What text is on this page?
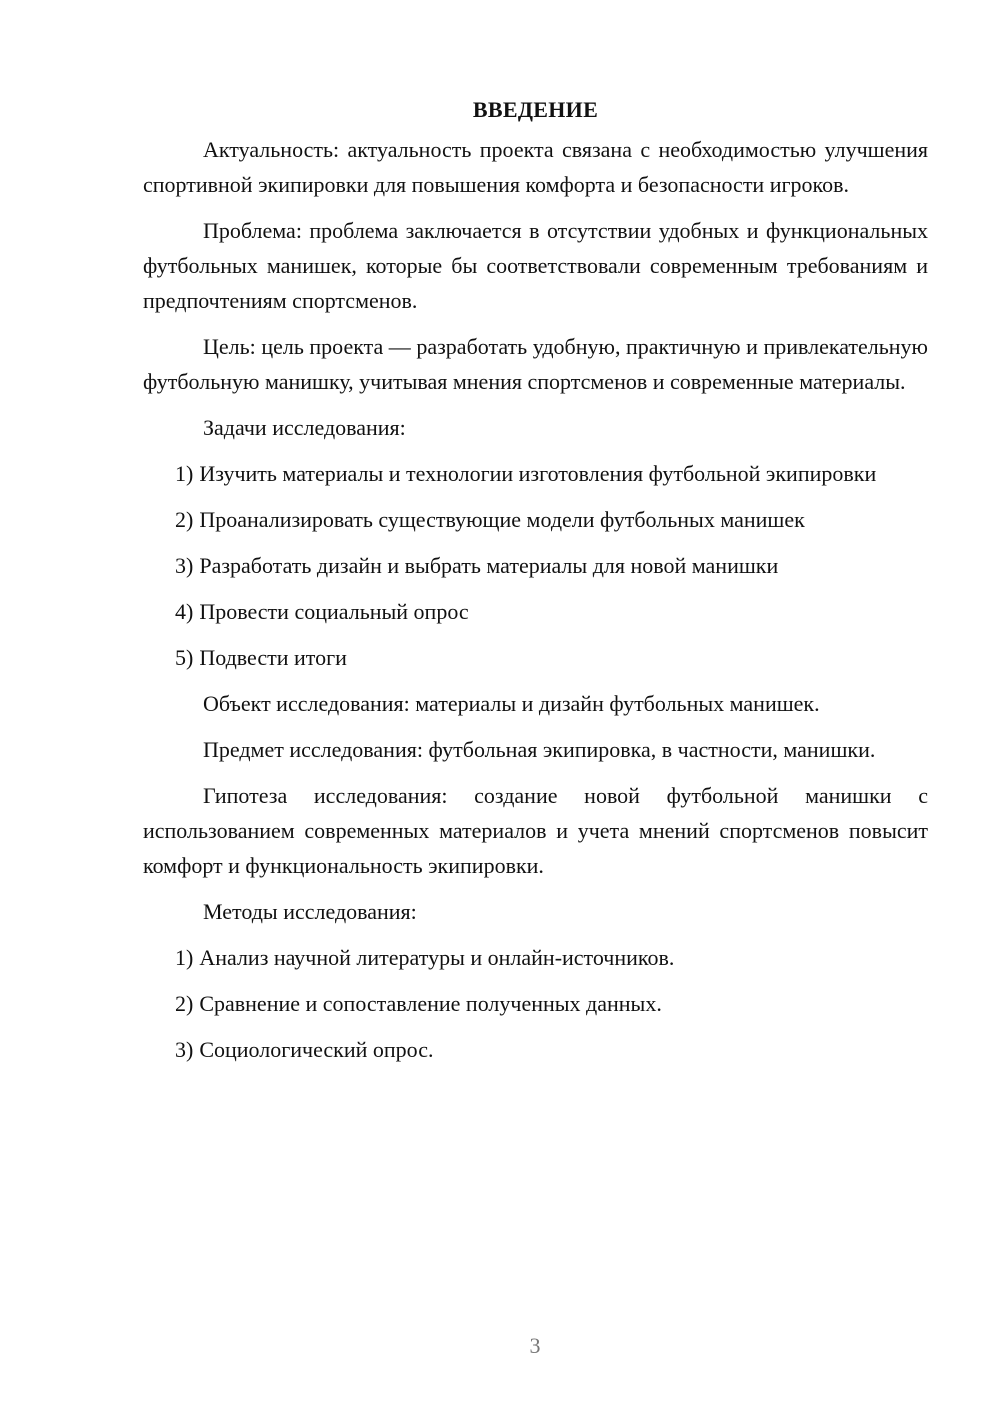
ВВЕДЕНИЕ

Актуальность: актуальность проекта связана с необходимостью улучшения спортивной экипировки для повышения комфорта и безопасности игроков.

Проблема: проблема заключается в отсутствии удобных и функциональных футбольных манишек, которые бы соответствовали современным требованиям и предпочтениям спортсменов.

Цель: цель проекта — разработать удобную, практичную и привлекательную футбольную манишку, учитывая мнения спортсменов и современные материалы.

Задачи исследования:

1) Изучить материалы и технологии изготовления футбольной экипировки

2) Проанализировать существующие модели футбольных манишек

3) Разработать дизайн и выбрать материалы для новой манишки

4) Провести социальный опрос

5) Подвести итоги

Объект исследования: материалы и дизайн футбольных манишек.

Предмет исследования: футбольная экипировка, в частности, манишки.

Гипотеза исследования: создание новой футбольной манишки с использованием современных материалов и учета мнений спортсменов повысит комфорт и функциональность экипировки.

Методы исследования:

1) Анализ научной литературы и онлайн-источников.

2) Сравнение и сопоставление полученных данных.

3) Социологический опрос.

3
